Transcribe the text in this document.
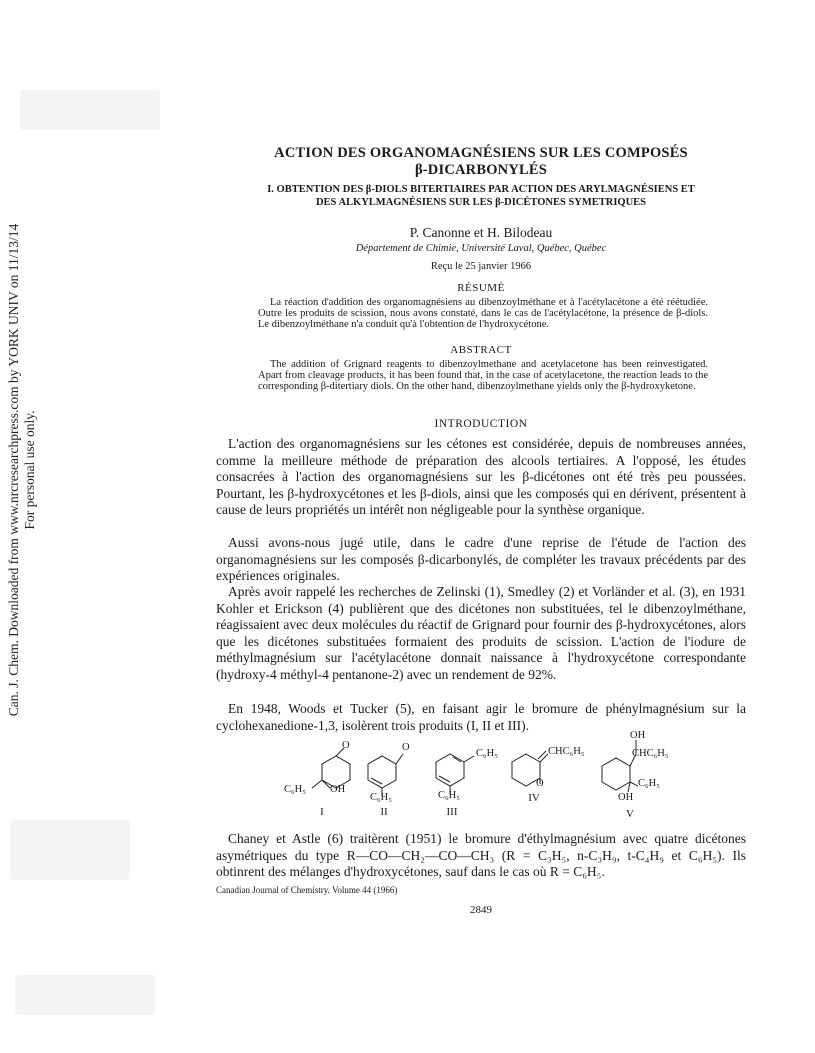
Can. J. Chem. Downloaded from www.nrcresearchpress.com by YORK UNIV on 11/13/14 For personal use only.
ACTION DES ORGANOMAGNÉSIENS SUR LES COMPOSÉS
β-DICARBONYLÉS
I. OBTENTION DES β-DIOLS BITERTIAIRES PAR ACTION DES ARYLMAGNÉSIENS ET
DES ALKYLMAGNÉSIENS SUR LES β-DICÉTONES SYMETRIQUES
P. Canonne et H. Bilodeau
Département de Chimie, Université Laval, Québec, Québec
Reçu le 25 janvier 1966
RÉSUMÉ
La réaction d'addition des organomagnésiens au dibenzoylméthane et à l'acétylacétone a été réétudiée. Outre les produits de scission, nous avons constaté, dans le cas de l'acétylacétone, la présence de β-diols. Le dibenzoylméthane n'a conduit qu'à l'obtention de l'hydroxycétone.
ABSTRACT
The addition of Grignard reagents to dibenzoylmethane and acetylacetone has been reinvestigated. Apart from cleavage products, it has been found that, in the case of acetylacetone, the reaction leads to the corresponding β-ditertiary diols. On the other hand, dibenzoylmethane yields only the β-hydroxyketone.
INTRODUCTION
L'action des organomagnésiens sur les cétones est considérée, depuis de nombreuses années, comme la meilleure méthode de préparation des alcools tertiaires. A l'opposé, les études consacrées à l'action des organomagnésiens sur les β-dicétones ont été très peu poussées. Pourtant, les β-hydroxycétones et les β-diols, ainsi que les composés qui en dérivent, présentent à cause de leurs propriétés un intérêt non négligeable pour la synthèse organique.
Aussi avons-nous jugé utile, dans le cadre d'une reprise de l'étude de l'action des organomagnésiens sur les composés β-dicarbonylés, de compléter les travaux précédents par des expériences originales.
Après avoir rappelé les recherches de Zelinski (1), Smedley (2) et Vorländer et al. (3), en 1931 Kohler et Erickson (4) publièrent que des dicétones non substituées, tel le dibenzoylméthane, réagissaient avec deux molécules du réactif de Grignard pour fournir des β-hydroxycétones, alors que les dicétones substituées formaient des produits de scission. L'action de l'iodure de méthylmagnésium sur l'acétylacétone donnait naissance à l'hydroxycétone correspondante (hydroxy-4 méthyl-4 pentanone-2) avec un rendement de 92%.
En 1948, Woods et Tucker (5), en faisant agir le bromure de phénylmagnésium sur la cyclohexanedione-1,3, isolèrent trois produits (I, II et III).
O
C₆H₅ OH
I
O
C₆H₅
II
C₆H₅
C₆H₅
III
CHC₆H₅
O
IV
OH
CHC₆H₅
C₆H₅
OH
V
Chaney et Astle (6) traitèrent (1951) le bromure d'éthylmagnésium avec quatre dicétones asymétriques du type R—CO—CH₂—CO—CH₃ (R = C₃H₅, n-C₃H₉, t-C₄H₉ et C₆H₅). Ils obtinrent des mélanges d'hydroxycétones, sauf dans le cas où R = C₆H₅.
Canadian Journal of Chemistry. Volume 44 (1966)
2849
